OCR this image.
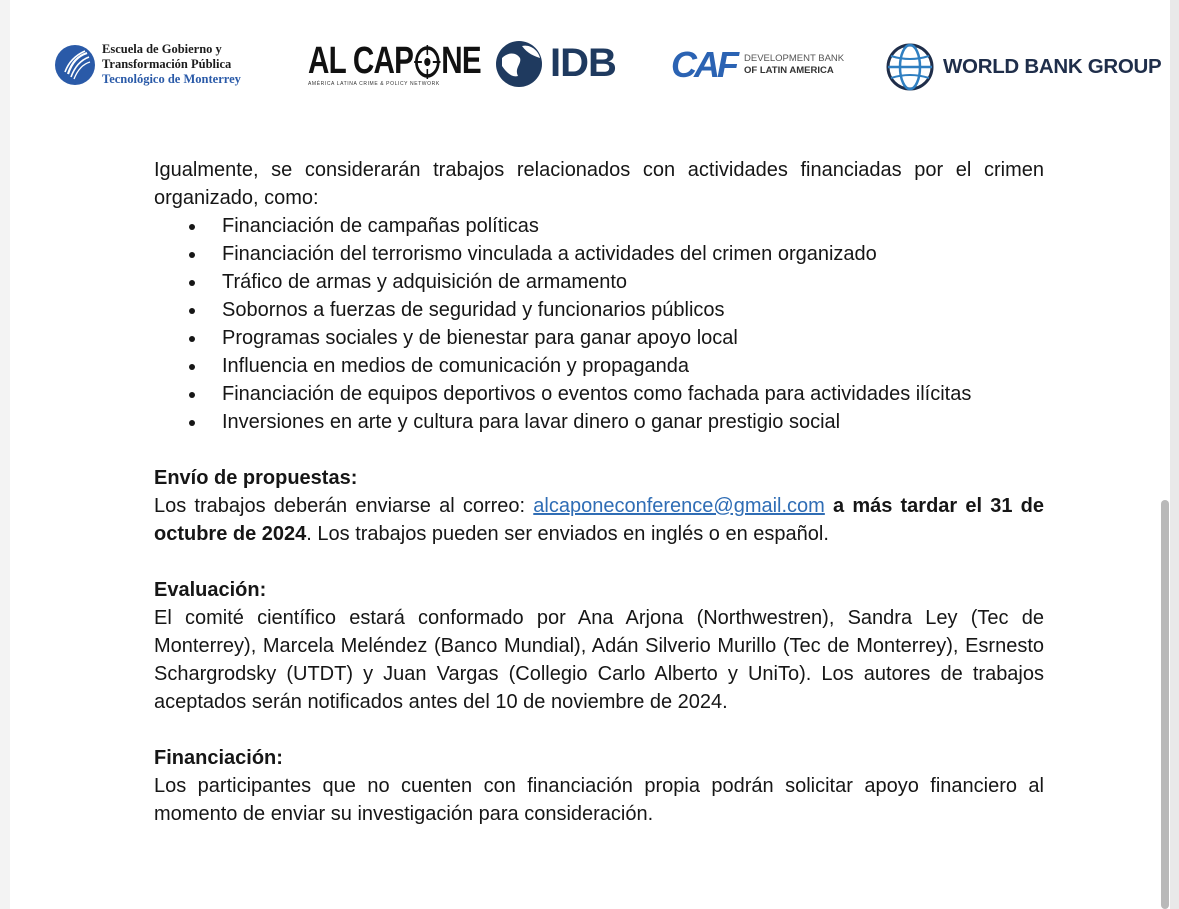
Escuela de Gobierno y
Transformación Pública
Tecnológico de Monterrey AL CAP NE
AMÉRICA LATINA CRIME & POLICY NETWORK	IDB CAF DEVELOPMENT BANK
OF LATIN AMERICA	WORLD BANK GROUP
Igualmente, se considerarán trabajos relacionados con actividades financiadas por el crimen organizado, como:
Financiación de campañas políticas
Financiación del terrorismo vinculada a actividades del crimen organizado
Tráfico de armas y adquisición de armamento
Sobornos a fuerzas de seguridad y funcionarios públicos
Programas sociales y de bienestar para ganar apoyo local
Influencia en medios de comunicación y propaganda
Financiación de equipos deportivos o eventos como fachada para actividades ilícitas
Inversiones en arte y cultura para lavar dinero o ganar prestigio social
Envío de propuestas:
Los trabajos deberán enviarse al correo: alcaponeconference@gmail.com a más tardar el 31 de octubre de 2024. Los trabajos pueden ser enviados en inglés o en español.
Evaluación:
El comité científico estará conformado por Ana Arjona (Northwestren), Sandra Ley (Tec de Monterrey), Marcela Meléndez (Banco Mundial), Adán Silverio Murillo (Tec de Monterrey), Esrnesto Schargrodsky (UTDT) y Juan Vargas (Collegio Carlo Alberto y UniTo). Los autores de trabajos aceptados serán notificados antes del 10 de noviembre de 2024.
Financiación:
Los participantes que no cuenten con financiación propia podrán solicitar apoyo financiero al momento de enviar su investigación para consideración.
